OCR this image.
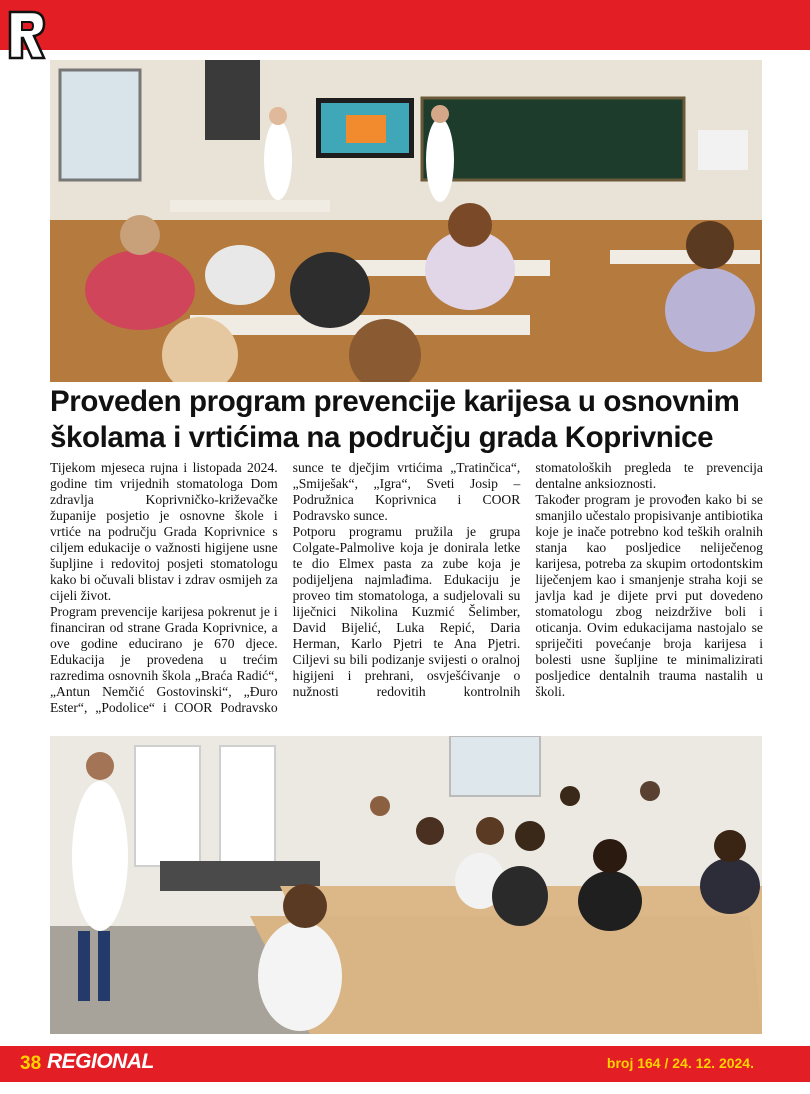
Proveden program prevencije karijesa u osnovnim
školama i vrtićima na području grada Koprivnice

Tijekom mjeseca rujna i listopada 2024. godine tim vrijednih stomatologa Dom zdravlja Koprivničko-križevačke županije posjetio je osnovne škole i vrtiće na području Grada Koprivnice s ciljem edukacije o važnosti higijene usne šupljine i redovitoj posjeti stomatologu kako bi očuvali blistav i zdrav osmijeh za cijeli život.

Program prevencije karijesa pokrenut je i financiran od strane Grada Koprivnice, a ove godine educirano je 670 djece. Edukacija je provedena u trećim razredima osnovnih škola „Braća Radić“, „Antun Nemčić Gostovinski“, „Đuro Ester“, „Podolice“ i COOR Podravsko sunce te dječjim vrtićima „Tratinčica“, „Smiješak“, „Igra“, Sveti Josip – Podružnica Koprivnica i COOR Podravsko sunce.

Potporu programu pružila je grupa Colgate-Palmolive koja je donirala letke te dio Elmex pasta za zube koja je podijeljena najmlađima. Edukaciju je proveo tim stomatologa, a sudjelovali su liječnici Nikolina Kuzmić Šelimber, David Bijelić, Luka Repić, Daria Herman, Karlo Pjetri te Ana Pjetri. Ciljevi su bili podizanje svijesti o oralnoj higijeni i prehrani, osvješćivanje o nužnosti redovitih kontrolnih stomatoloških pregleda te prevencija dentalne anksioznosti.

Također program je provođen kako bi se smanjilo učestalo propisivanje antibiotika koje je inače potrebno kod teških oralnih stanja kao posljedice neliječenog karijesa, potreba za skupim ortodontskim liječenjem kao i smanjenje straha koji se javlja kad je dijete prvi put dovedeno stomatologu zbog neizdržive boli i oticanja. Ovim edukacijama nastojalo se spriječiti povećanje broja karijesa i bolesti usne šupljine te minimalizirati posljedice dentalnih trauma nastalih u školi.

38 REGIONAL	broj 164 / 24. 12. 2024.
